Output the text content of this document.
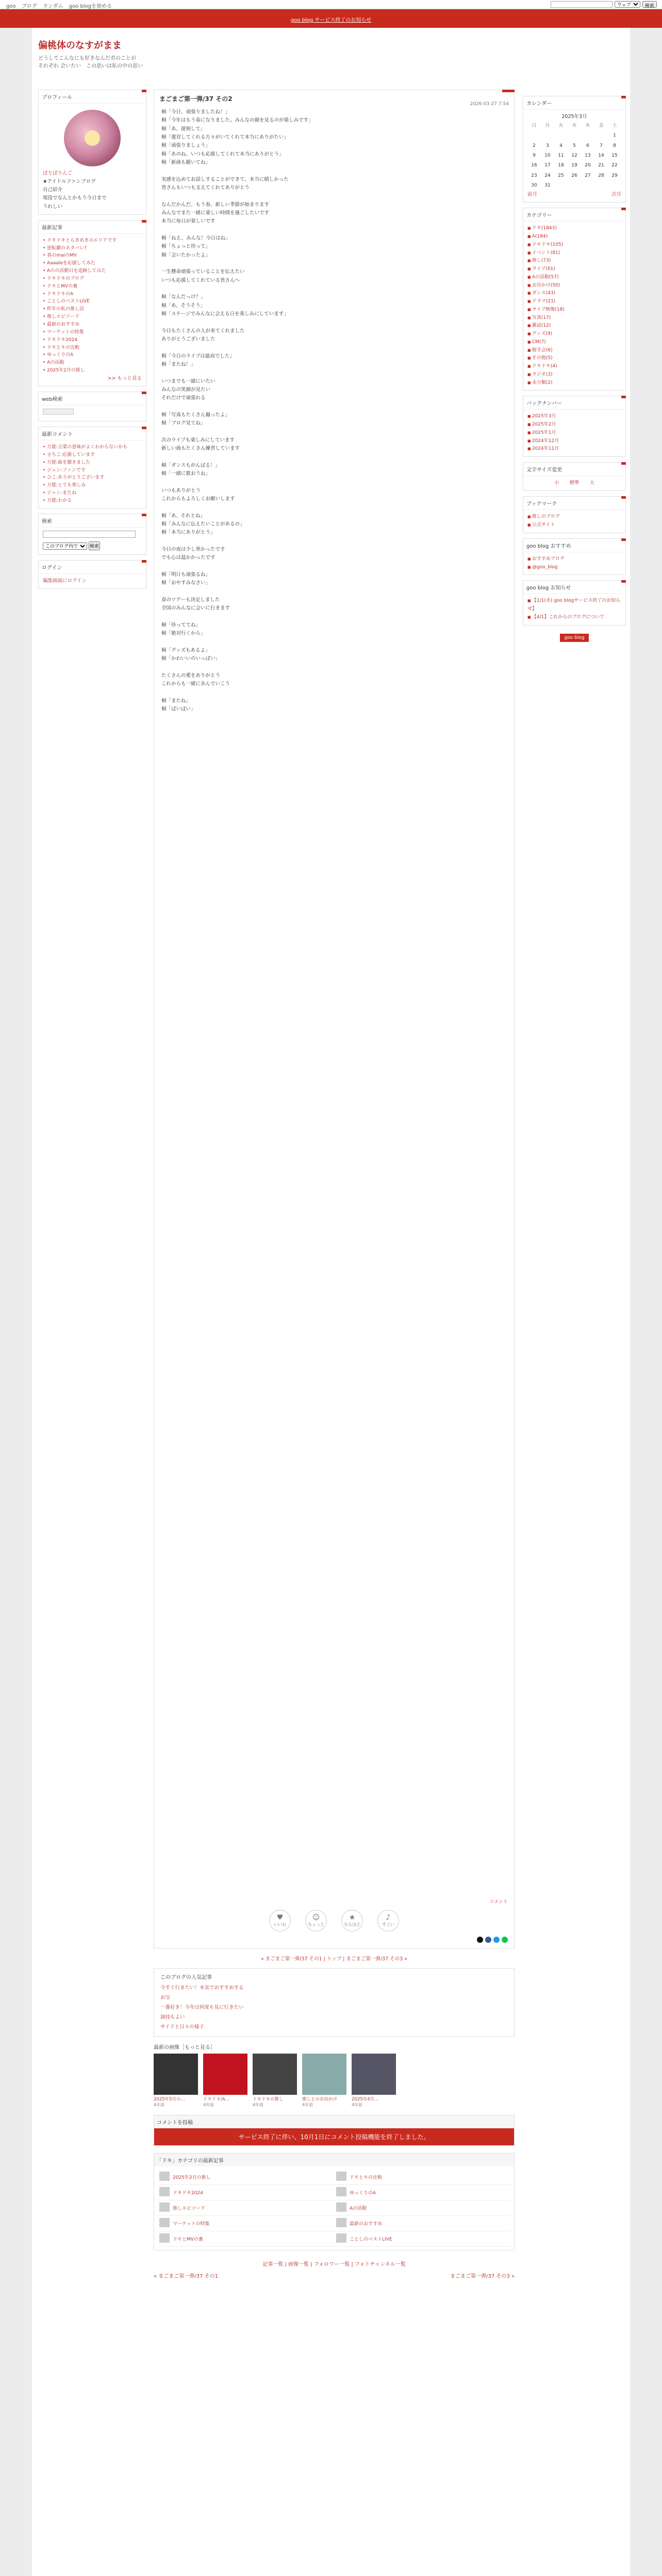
goo ブログ ランダム goo blogを始める
ウェブ	検索
goo blog サービス終了のお知らせ
偏桃体のなすがまま
どうしてこんなにも好きなんだ君のことが
それぞれ 会いたい　この思いは私の中の思い
プロフィール
ぼりぼりんご
★アイドルファンブログ
自己紹介
現役でなんとかもう今日まで
うれしい
最新記事
• ドキドキとらきめきのエリアです
• 逆転劇のネタバレ?
• 春のmaiのMV
• Aaaaleを応援してみた
• Aのの活動日を追跡してみた
• ドキドキのブログ
• ドキとMVの裏
• ドキドキのA
• ことしのベストLIVE
• 昨年の私の推し活
• 推しエピソード
• 最新のおすすめ
• マーケットの特集
• ドキドキ2024
• ドキとキの比較
• ゆっくりのA
• Aの活動
• 2025年2月の推し

>> もっと見る

web検索
最新コメント
• 万能:言葉の意味がよくわからないかも
• さちこ:応援しています
• 万能:曲を聴きました
• ジュン:ファンです
• ひこ:ありがとうございます
• 万能:とても楽しみ
• ジャン:またね
• 万能:わかる
検索
このブログ内で 検索
ログイン
編集画面にログイン
まごまご第一弾/37 その2
2026-03-27 7:54
桐「今日、頑張りましたね！」
桐「今年はもう春になりました。みんなの顔を見るのが楽しみです」
桐「あ、遅刻して」
桐「運営してくれる方々がいてくれて本当にありがたい」
桐「頑張りましょう」
桐「あのね、いつも応援してくれて本当にありがとう」
桐「新曲も聴いてね」

実感を込めてお話しすることができて、本当に嬉しかった
皆さんもいつも支えてくれてありがとう

なんだかんだ、もう春、新しい季節が始まります
みんなでまた一緒に楽しい時間を過ごしたいです
本当に毎日が楽しいです

桐「ねえ、みんな！今日はね」
桐「ちょっと待って」
桐「会いたかったよ」

一生懸命頑張っていることを伝えたい
いつも応援してくれている皆さんへ

桐「なんだっけ？」
桐「あ、そうそう」
桐「ステージでみんなに会える日を楽しみにしています」

今日もたくさんの人が来てくれました
ありがとうございました

桐「今日のライブは最高でした」
桐「またね！」

いつまでも一緒にいたい
みんなの笑顔が見たい
それだけで頑張れる

桐「写真もたくさん撮ったよ」
桐「ブログ見てね」

次のライブも楽しみにしています
新しい曲もたくさん練習しています

桐「ダンスもがんばる！」
桐「一緒に歌おうね」

いつもありがとう
これからもよろしくお願いします

桐「あ、それとね」
桐「みんなに伝えたいことがあるの」
桐「本当にありがとう」

今日の夜は少し寒かったです
でも心は温かかったです

桐「明日も頑張るね」
桐「おやすみなさい」

春のツアーも決定しました
全国のみんなに会いに行きます

桐「待っててね」
桐「絶対行くから」

桐「グッズもあるよ」
桐「かわいいのいっぱい」

たくさんの愛をありがとう
これからも一緒に歩んでいこう

桐「またね」
桐「ばいばい」
コメント
♥
いいね
☺
ちょっと
★
なるほど
♪
すごい
« まごまご第一弾/37 その1 | トップ | まごまご第一弾/37 その3 »
このブログの人気記事
今すぐ行きたい！本気でおすすめする
お宝
一番好き！今年は何度も見に行きたい
演技もよい
サイドと日々の様子
最新の画像［もっと見る］
2025年5月の…
4年前
ドキドキ/A…
4年前
ドキドキの推し
4年前
推しとのお出かけ
4年前
2025年4月…
4年前
コメントを投稿
サービス終了に伴い、10月1日にコメント投稿機能を終了しました。
「ドキ」カテゴリの最新記事
2025年2月の推し	ドキとキの比較
ドキドキ2024	ゆっくりのA
推しエピソード	Aの活動
マーケットの特集	最新のおすすめ
ドキとMVの裏	ことしのベストLIVE
記事一覧 | 画像一覧 | フォロワー一覧 | フォトチャンネル一覧
« まごまご第一弾/37 その1	まごまご第一弾/37 その3 »
カレンダー
2025年3月
日	月	火	水	木	金	土
						1
2	3	4	5	6	7	8
9	10	11	12	13	14	15
16	17	18	19	20	21	22
23	24	25	26	27	28	29
30	31					
前月	次月
カテゴリー
■ ドキ(1843)
■ A(184)
■ ドキドキ(105)
■ イベント(81)
■ 推し(73)
■ ライブ(61)
■ Aの活動(57)
■ お出かけ(50)
■ ダンス(43)
■ ドラマ(21)
■ ライブ映像(18)
■ 写真(17)
■ 雑誌(12)
■ グッズ(9)
■ CM(7)
■ 握手会(6)
■ その他(5)
■ ドキドキ(4)
■ ラジオ(3)
■ 未分類(2)
バックナンバー
■ 2025年3月
■ 2025年2月
■ 2025年1月
■ 2024年12月
■ 2024年11月
文字サイズ変更
小 標準 大
ブックマーク
■ 推しのブログ
■ 公式サイト
goo blog おすすめ
■ おすすめブログ
■ @goo_blog
goo blog お知らせ
■ 【1/1(水) goo blogサービス終了のお知らせ】
■ 【4/1】これからのブログについて
goo blog
